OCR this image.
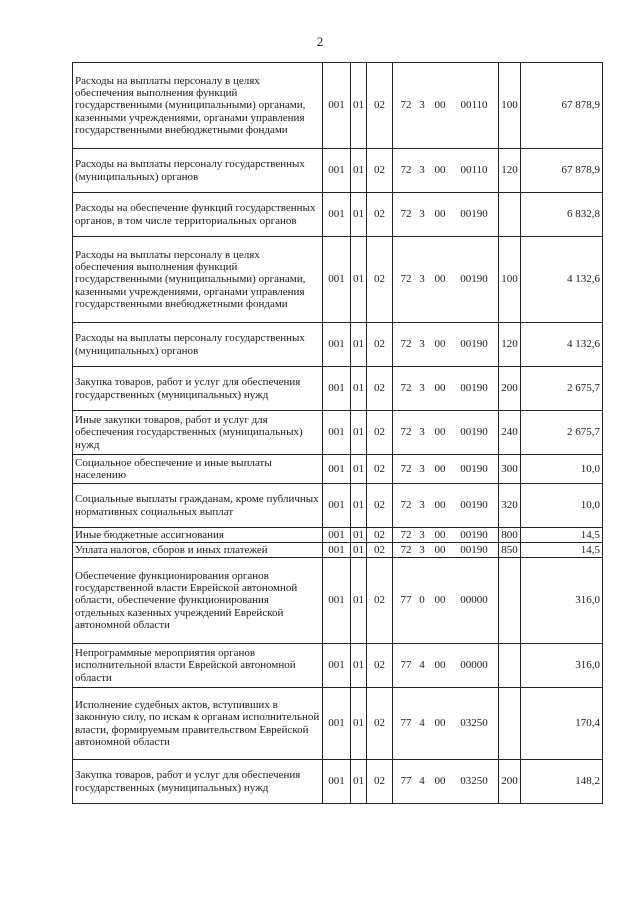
2
Расходы на выплаты персоналу в целях обеспечения выполнения функций государственными (муниципальными) органами, казенными учреждениями, органами управления государственными внебюджетными фондами	001	01	02	72 3 00 00110	100	67 878,9
Расходы на выплаты персоналу государственных (муниципальных) органов	001	01	02	72 3 00 00110	120	67 878,9
Расходы на обеспечение функций государственных органов, в том числе территориальных органов	001	01	02	72 3 00 00190		6 832,8
Расходы на выплаты персоналу в целях обеспечения выполнения функций государственными (муниципальными) органами, казенными учреждениями, органами управления государственными внебюджетными фондами	001	01	02	72 3 00 00190	100	4 132,6
Расходы на выплаты персоналу государственных (муниципальных) органов	001	01	02	72 3 00 00190	120	4 132,6
Закупка товаров, работ и услуг для обеспечения государственных (муниципальных) нужд	001	01	02	72 3 00 00190	200	2 675,7
Иные закупки товаров, работ и услуг для обеспечения государственных (муниципальных) нужд	001	01	02	72 3 00 00190	240	2 675,7
Социальное обеспечение и иные выплаты населению	001	01	02	72 3 00 00190	300	10,0
Социальные выплаты гражданам, кроме публичных нормативных социальных выплат	001	01	02	72 3 00 00190	320	10,0
Иные бюджетные ассигнования	001	01	02	72 3 00 00190	800	14,5
Уплата налогов, сборов и иных платежей	001	01	02	72 3 00 00190	850	14,5
Обеспечение функционирования органов государственной власти Еврейской автономной области, обеспечение функционирования отдельных казенных учреждений Еврейской автономной области	001	01	02	77 0 00 00000		316,0
Непрограммные мероприятия органов исполнительной власти Еврейской автономной области	001	01	02	77 4 00 00000		316,0
Исполнение судебных актов, вступивших в законную силу, по искам к органам исполнительной власти, формируемым правительством Еврейской автономной области	001	01	02	77 4 00 03250		170,4
Закупка товаров, работ и услуг для обеспечения государственных (муниципальных) нужд	001	01	02	77 4 00 03250	200	148,2
